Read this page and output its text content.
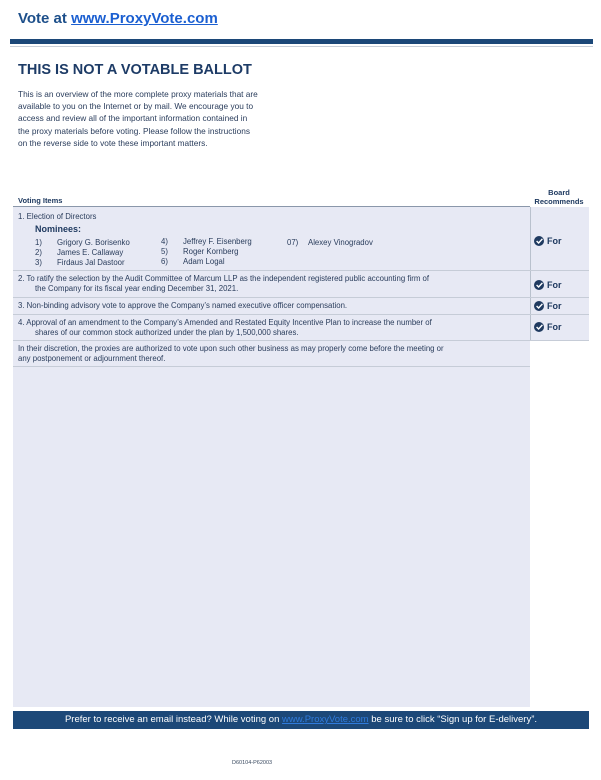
Vote at www.ProxyVote.com
THIS IS NOT A VOTABLE BALLOT
This is an overview of the more complete proxy materials that are
available to you on the Internet or by mail. We encourage you to
access and review all of the important information contained in
the proxy materials before voting. Please follow the instructions
on the reverse side to vote these important matters.
Voting Items
Board
Recommends
1. Election of Directors
Nominees:
1) Grigory G. Borisenko
2) James E. Callaway
3) Firdaus Jal Dastoor
4) Jeffrey F. Eisenberg
5) Roger Kornberg
6) Adam Logal
07) Alexey Vinogradov	For
2. To ratify the selection by the Audit Committee of Marcum LLP as the independent registered public accounting firm of
the Company for its fiscal year ending December 31, 2021.	For
3. Non-binding advisory vote to approve the Company’s named executive officer compensation.	For
4. Approval of an amendment to the Company’s Amended and Restated Equity Incentive Plan to increase the number of
shares of our common stock authorized under the plan by 1,500,000 shares.
For
In their discretion, the proxies are authorized to vote upon such other business as may properly come before the meeting or
any postponement or adjournment thereof.
Prefer to receive an email instead? While voting on www.ProxyVote.com be sure to click “Sign up for E-delivery”.
D60104-P62003
